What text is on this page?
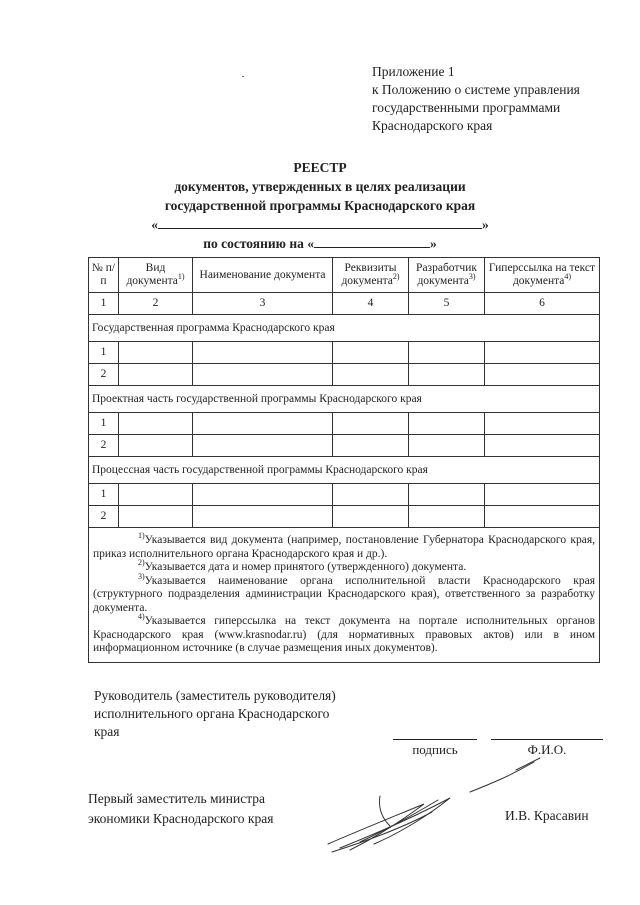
Приложение 1
к Положению о системе управления
государственными программами
Краснодарского края
РЕЕСТР
документов, утвержденных в целях реализации
государственной программы Краснодарского края
«	»
по состоянию на «	»
№ п/п	Вид документа$^{1)}$	Наименование документа	Реквизиты документа$^{2)}$	Разработчик документа$^{3)}$	Гиперссылка на текст документа$^{4)}$
1	2	3	4	5	6
Государственная программа Краснодарского края					
1					
2					
Проектная часть государственной программы Краснодарского края					
1					
2					
Процессная часть государственной программы Краснодарского края					
1					
2					

$^{1)}$Указывается вид документа (например, постановление Губернатора Краснодарского края, приказ исполнительного органа Краснодарского края и др.).

$^{2)}$Указывается дата и номер принятого (утвержденного) документа.

$^{3)}$Указывается наименование органа исполнительной власти Краснодарского края (структурного подразделения администрации Краснодарского края), ответственного за разработку документа.

$^{4)}$Указывается гиперссылка на текст документа на портале исполнительных органов Краснодарского края (www.krasnodar.ru) (для нормативных правовых актов) или в ином информационном источнике (в случае размещения иных документов).					

Руководитель (заместитель руководителя)
исполнительного органа Краснодарского
края
подпись	Ф.И.О.
Первый заместитель министра
экономики Краснодарского края	И.В. Красавин
